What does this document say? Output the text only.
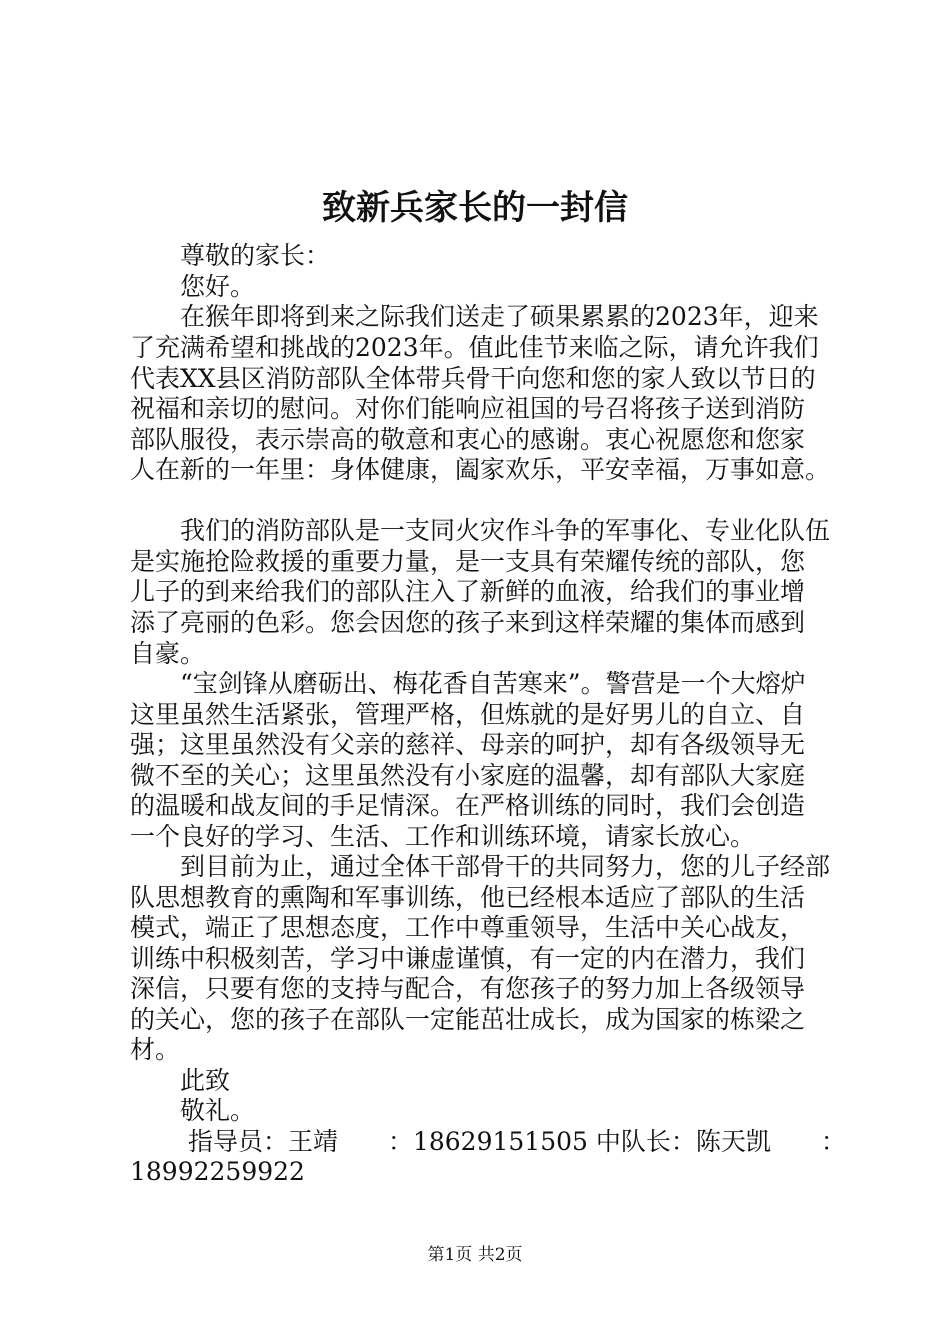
致新兵家长的一封信

　　尊敬的家长：

　　您好。

　　在猴年即将到来之际我们送走了硕果累累的2023年，迎来

了充满希望和挑战的2023年。值此佳节来临之际，请允许我们

代表XX县区消防部队全体带兵骨干向您和您的家人致以节日的

祝福和亲切的慰问。对你们能响应祖国的号召将孩子送到消防

部队服役，表示崇高的敬意和衷心的感谢。衷心祝愿您和您家

人在新的一年里：身体健康，阖家欢乐，平安幸福，万事如意。

　　我们的消防部队是一支同火灾作斗争的军事化、专业化队伍

是实施抢险救援的重要力量，是一支具有荣耀传统的部队，您

儿子的到来给我们的部队注入了新鲜的血液，给我们的事业增

添了亮丽的色彩。您会因您的孩子来到这样荣耀的集体而感到

自豪。

　　“宝剑锋从磨砺出、梅花香自苦寒来”。警营是一个大熔炉

这里虽然生活紧张，管理严格，但炼就的是好男儿的自立、自

强；这里虽然没有父亲的慈祥、母亲的呵护，却有各级领导无

微不至的关心；这里虽然没有小家庭的温馨，却有部队大家庭

的温暖和战友间的手足情深。在严格训练的同时，我们会创造

一个良好的学习、生活、工作和训练环境，请家长放心。

　　到目前为止，通过全体干部骨干的共同努力，您的儿子经部

队思想教育的熏陶和军事训练，他已经根本适应了部队的生活

模式，端正了思想态度，工作中尊重领导，生活中关心战友，

训练中积极刻苦，学习中谦虚谨慎，有一定的内在潜力，我们

深信，只要有您的支持与配合，有您孩子的努力加上各级领导

的关心，您的孩子在部队一定能茁壮成长，成为国家的栋梁之

材。

　　此致

　　敬礼。

　　 指导员：王靖　　：18629151505 中队长：陈天凯　　：

18992259922

第1页 共2页
